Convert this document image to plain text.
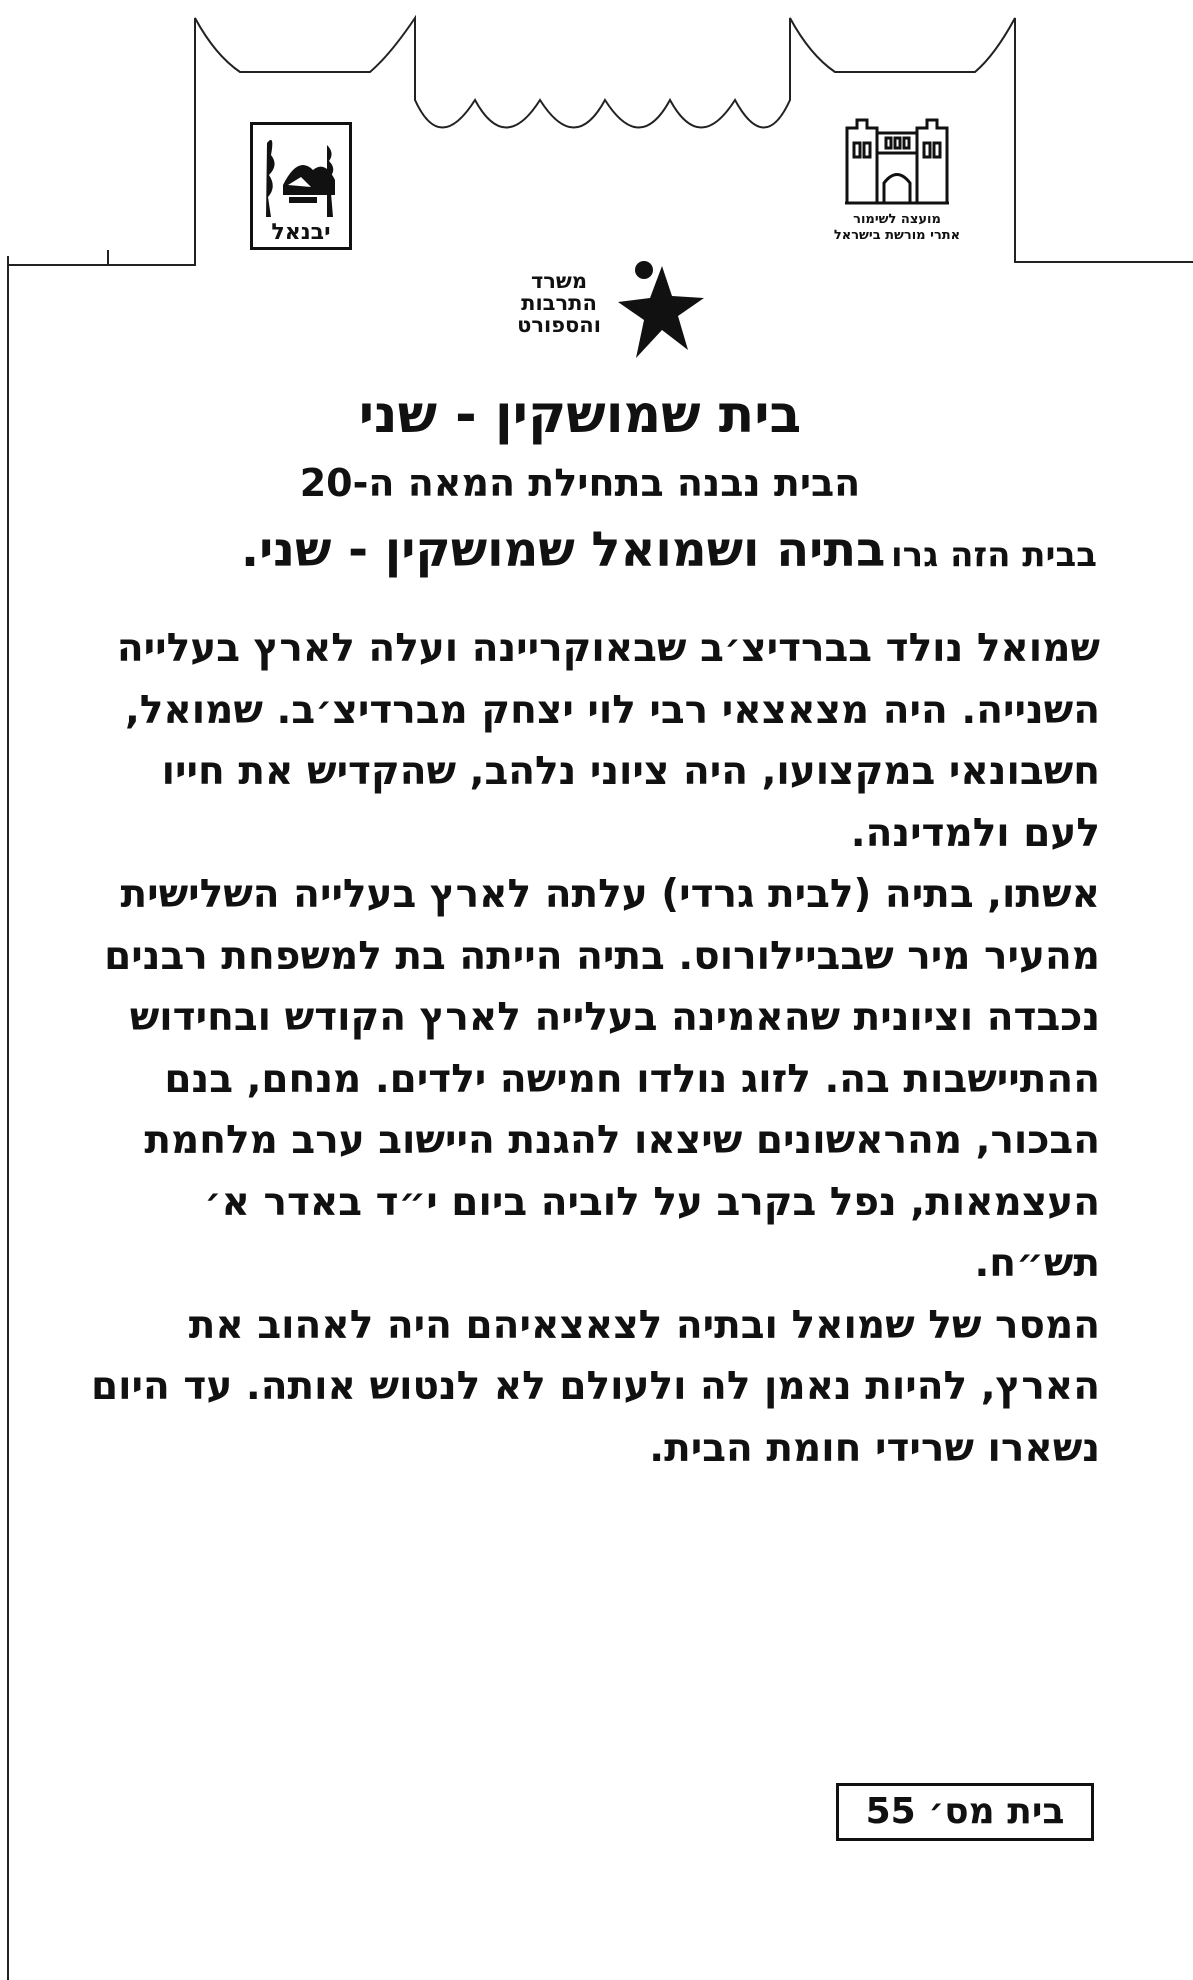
יבנאל
מועצה לשימור
אתרי מורשת בישראל
משרד
התרבות
והספורט
בית שמושקין - שני
הבית נבנה בתחילת המאה ה-20
בבית הזה גרו בתיה ושמואל שמושקין - שני.

שמואל נולד בברדיצ׳ב שבאוקריינה ועלה לארץ בעלייה השנייה. היה מצאצאי רבי לוי יצחק מברדיצ׳ב. שמואל, חשבונאי במקצועו, היה ציוני נלהב, שהקדיש את חייו לעם ולמדינה.

אשתו, בתיה (לבית גרדי) עלתה לארץ בעלייה השלישית מהעיר מיר שבביילורוס. בתיה הייתה בת למשפחת רבנים נכבדה וציונית שהאמינה בעלייה לארץ הקודש ובחידוש ההתיישבות בה. לזוג נולדו חמישה ילדים. מנחם, בנם הבכור, מהראשונים שיצאו להגנת היישוב ערב מלחמת העצמאות, נפל בקרב על לוביה ביום י״ד באדר א׳ תש״ח.

המסר של שמואל ובתיה לצאצאיהם היה לאהוב את הארץ, להיות נאמן לה ולעולם לא לנטוש אותה. עד היום נשארו שרידי חומת הבית.

בית מס׳ 55
